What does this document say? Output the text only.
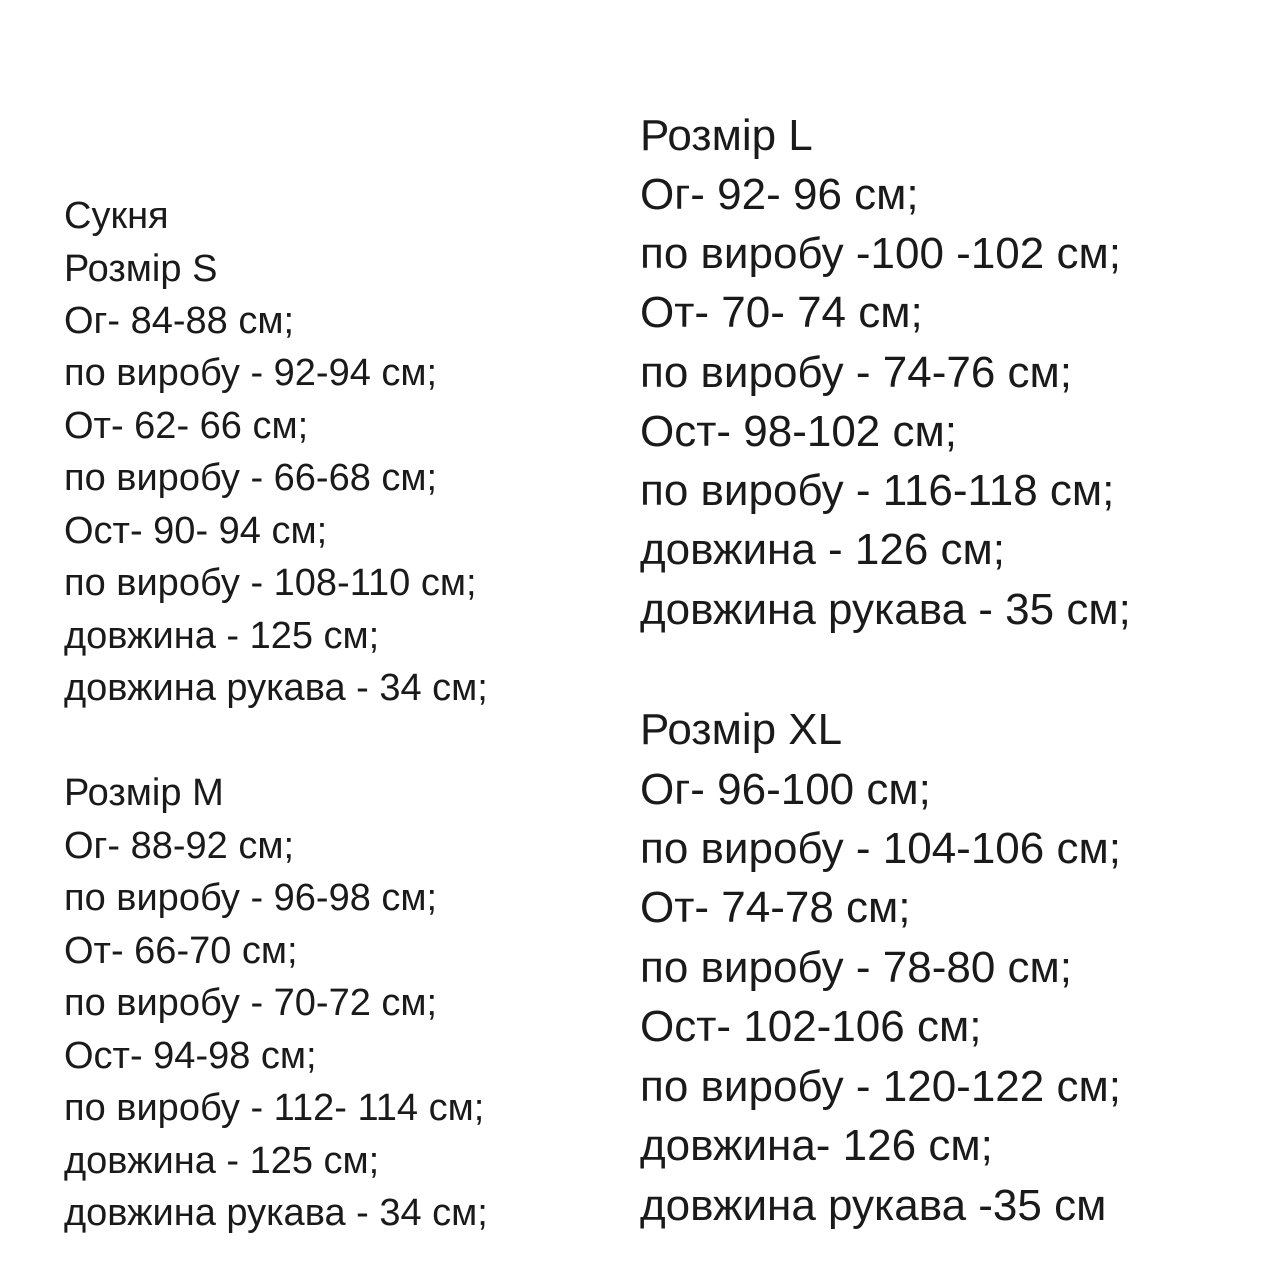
Сукня
Розмір S
Ог- 84-88 см;
по виробу - 92-94 см;
От- 62- 66 см;
по виробу - 66-68 см;
Ост- 90- 94 см;
по виробу - 108-110 см;
довжина - 125 см;
довжина рукава - 34 см;
Розмір M
Ог- 88-92 см;
по виробу - 96-98 см;
От- 66-70 см;
по виробу - 70-72 см;
Ост- 94-98 см;
по виробу - 112- 114 см;
довжина - 125 см;
довжина рукава - 34 см;
Розмір L
Ог- 92- 96 см;
по виробу -100 -102 см;
От- 70- 74 см;
по виробу - 74-76 см;
Ост- 98-102 см;
по виробу - 116-118 см;
довжина - 126 см;
довжина рукава - 35 см;
Розмір XL
Ог- 96-100 см;
по виробу - 104-106 см;
От- 74-78 см;
по виробу - 78-80 см;
Ост- 102-106 см;
по виробу - 120-122 см;
довжина- 126 см;
довжина рукава -35 см
